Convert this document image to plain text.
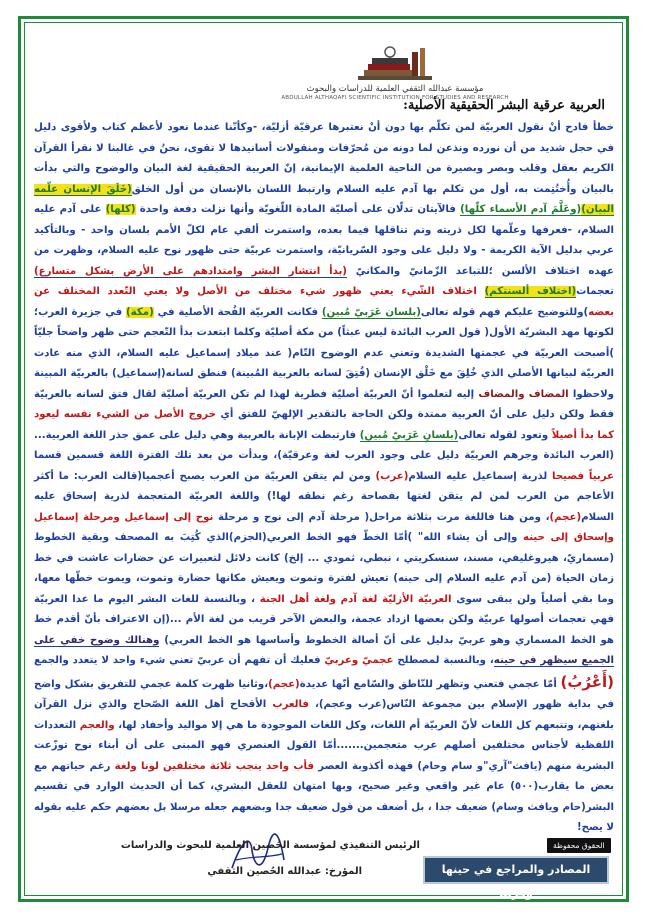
مؤسسة عبدالله الثقفي العلمية للدراسات والبحوث
ABDULLAH ALTHAQAFI SCIENTIFIC INSTITUTION FOR STUDIES AND RESEARCH
العربية عرقية البشر الحقيقية الأصلية:

خطأ فادح أنْ نقول العربيّة لمن تكلّم بها دون أنْ نعتبرها عرقيّة أزليّة، -وكأنّنا عندما نعود لأعظم كتاب ولأقوى دليل في حجل شديد من أن نورده ونذعن لما دونه من مُحرّفات ومنقولات أسانيدها لا تقوى، نحنُ في غالبنا لا نقرأ القرآن الكريم بعقل وقلب وبصر وبصيرة من الناحية العلمية الإيمانية، إنّ العربية الحقيقية لغة البيان والوضوح والتي بدأت بالبيان وأُختُتِمت به، أول من تكلم بها آدم عليه السلام وارتبط اللسان بالإنسان من أول الخلق(خَلَقَ الإنسان علّمه البيان)(وعَلَّمَ آدم الأسماء كلّها) فالآيتان تدلّان على أصليّة المادة اللّغويّة وأنها نزلت دفعة واحدة (كلها) على آدم عليه السلام، -فعرفها وعلّمها لكل ذريته وتم تناقلها فيما بعده، واستمرت ألفي عام لكلّ الأمم بلسان واحد - وبالتأكيد عربي بدليل الآية الكريمة - ولا دليل على وجود السّريانيّة، واستمرت عربيّة حتى ظهور نوح عليه السلام، وظهرت من عهده اختلاف الألسن ؛للتباعد الزّمانيّ والمكانيّ (بدأ انتشار البشر وامتدادهم على الأرض بشكل متسارع) تعجمات(اختلاف ألسنتكم) اختلاف الشّيء يعني ظهور شيء مختلف من الأصل ولا يعني التّعدد المختلف عن بعضه)وللتوضيح عليكم فهم قوله تعالى(بلسان عَرَبيّ مُبين) فكانت العربيّة الفُحة الأصلية في (مكة) في جزيرة العرب؛ لكونها مهد البشريّة الأول( قول العرب البائدة ليس عبثاً) من مكة أصليّة وكلما ابتعدت بدأ التّعجم حتى ظهر واضحاً جليّاً )أصبحت العربيّة في عجمتها الشديدة وتعني عدم الوضوح التّام( عند ميلاد إسماعيل عليه السلام، الذي منه عادت العربيّة لبيانها الأصلي الذي خُلِقَ مع خَلْق الإنسان (فُتِقَ لسانه بالعربية المُبينة) فنطق لسانه(إسماعيل) بالعربيّة المبينة ولاحظوا المضاف والمضاف إليه لتعلموا أنّ العربيّة أصليّة فطرية لهذا لم تكن العربيّة أصليّة لقال فتق لسانه بالعربيّة فقط ولكن دليل على أنّ العربية ممتدة ولكن الحاجة بالتقدير الإلهيّ للفتق أي خروج الأصل من الشيء نفسه ليعود كما بدأ أصيلاً وتعود لقوله تعالى(بلسانٍ عَرَبيّ مُبين) فارتبطت الإبانة بالعربية وهي دليل على عمق جذر اللغة العربية...(العرب البائدة وجرهم العربيّة دليل على وجود العرب لغة وعرقيّة)، وبدأت من بعد تلك الفترة اللغة قسمين قسما عربياً فصيحا لذرية إسماعيل عليه السلام(عرب) ومن لم يتقن العربيّة من العرب يصبح أعجميا(قالت العرب: ما أكثر الأعاجم من العرب لمن لم يتقن لغتها بفصاحة رغم نطقه لها!) واللغة العربيّة المتعجمة لذرية إسحاق عليه السلام(عجم)، ومن هنا فاللغة مرت بثلاثة مراحل( مرحلة آدم إلى نوح و مرحلة نوح إلى إسماعيل ومرحلة إسماعيل وإسحاق إلى حينه وإلى أن يشاء الله" )أمّا الخطّ فهو الخط العربي(الجزم)الذي كُتِبَ به المصحف وبقية الخطوط (مسماريّ، هيروغليفي، مسند، سنسكريتي ، نبطي، ثمودي ... إلخ) كانت دلائل لتعبيرات عن حضارات عاشت في خط زمان الحياة (من آدم عليه السلام إلى حينه) تعيش لفترة وتموت ويعيش مكانها حضارة وتموت، ويموت خطّها معها، وما بقي أصلياً ولن يبقى سوى العربيّة الأزليّة لغة آدم ولغة أهل الجنة ، وبالنسبة للغات البشر اليوم ما عدا العربيّة فهي تعجمات أصولها عربيّة ولكن بعضها ازداد عجمة، والبعض الآخر قريب من لغة الأم ...(إن الاعتراف بأنّ أقدم خط هو الخط المسماري وهو عربيّ بدليل على أنّ أصالة الخطوط وأساسها هو الخط العربي) وهنالك وضوح خفي على الجميع سيظهر في حينه، وبالنسبة لمصطلح عجميّ وعربيّ فعليك أن تفهم أن عربيّ تعني شيء واحد لا يتعدد والجمع (أَعْرُبُ) أمّا عجمي فتعني وتظهر للنّاطق والسّامع أنّها عديدة(عجم)،وثانيا ظهرت كلمة عجمي للتفريق بشكل واضح في بداية ظهور الإسلام بين مجموعة النّاس(عرب وعجم)، فالعرب الأقحاح أهل اللغة الصّحاح والذي نزل القرآن بلغتهم، وتتبعهم كل اللغات لأنّ العربيّة أم اللغات، وكل اللغات الموجودة ما هي إلا مواليد وأحفاد لها، والعجم التعددات اللفظية لأجناس مختلفين أصلهم عرب متعجمين.......أمّا القول العنصري فهو المبنى على أن أبناء نوح توزّعت البشرية منهم (يافث"آري"و سام وحام) فهذه أكذوبة العصر فأب واحد ينجب ثلاثة مختلفين لونا ولغة رغم حياتهم مع بعض ما يقارب(٥٠٠) عام غير واقعي وغير صحيح، وبها امتهان للعقل البشري، كما أن الحديث الوارد في تقسيم البشر(حام ويافث وسام) ضعيف جدا ، بل أضعف من قول ضعيف جدا وبضعهم جعله مرسلا بل بعضهم حكم عليه بقوله لا يصح!

الرئيس التنفيذي لمؤسسة الحُصين العلمية للبحوث والدراسات
المؤرخ: عبدالله الحُصين الثقفي
الحقوق محفوظة
المصادر والمراجع في حينها وقريبا
